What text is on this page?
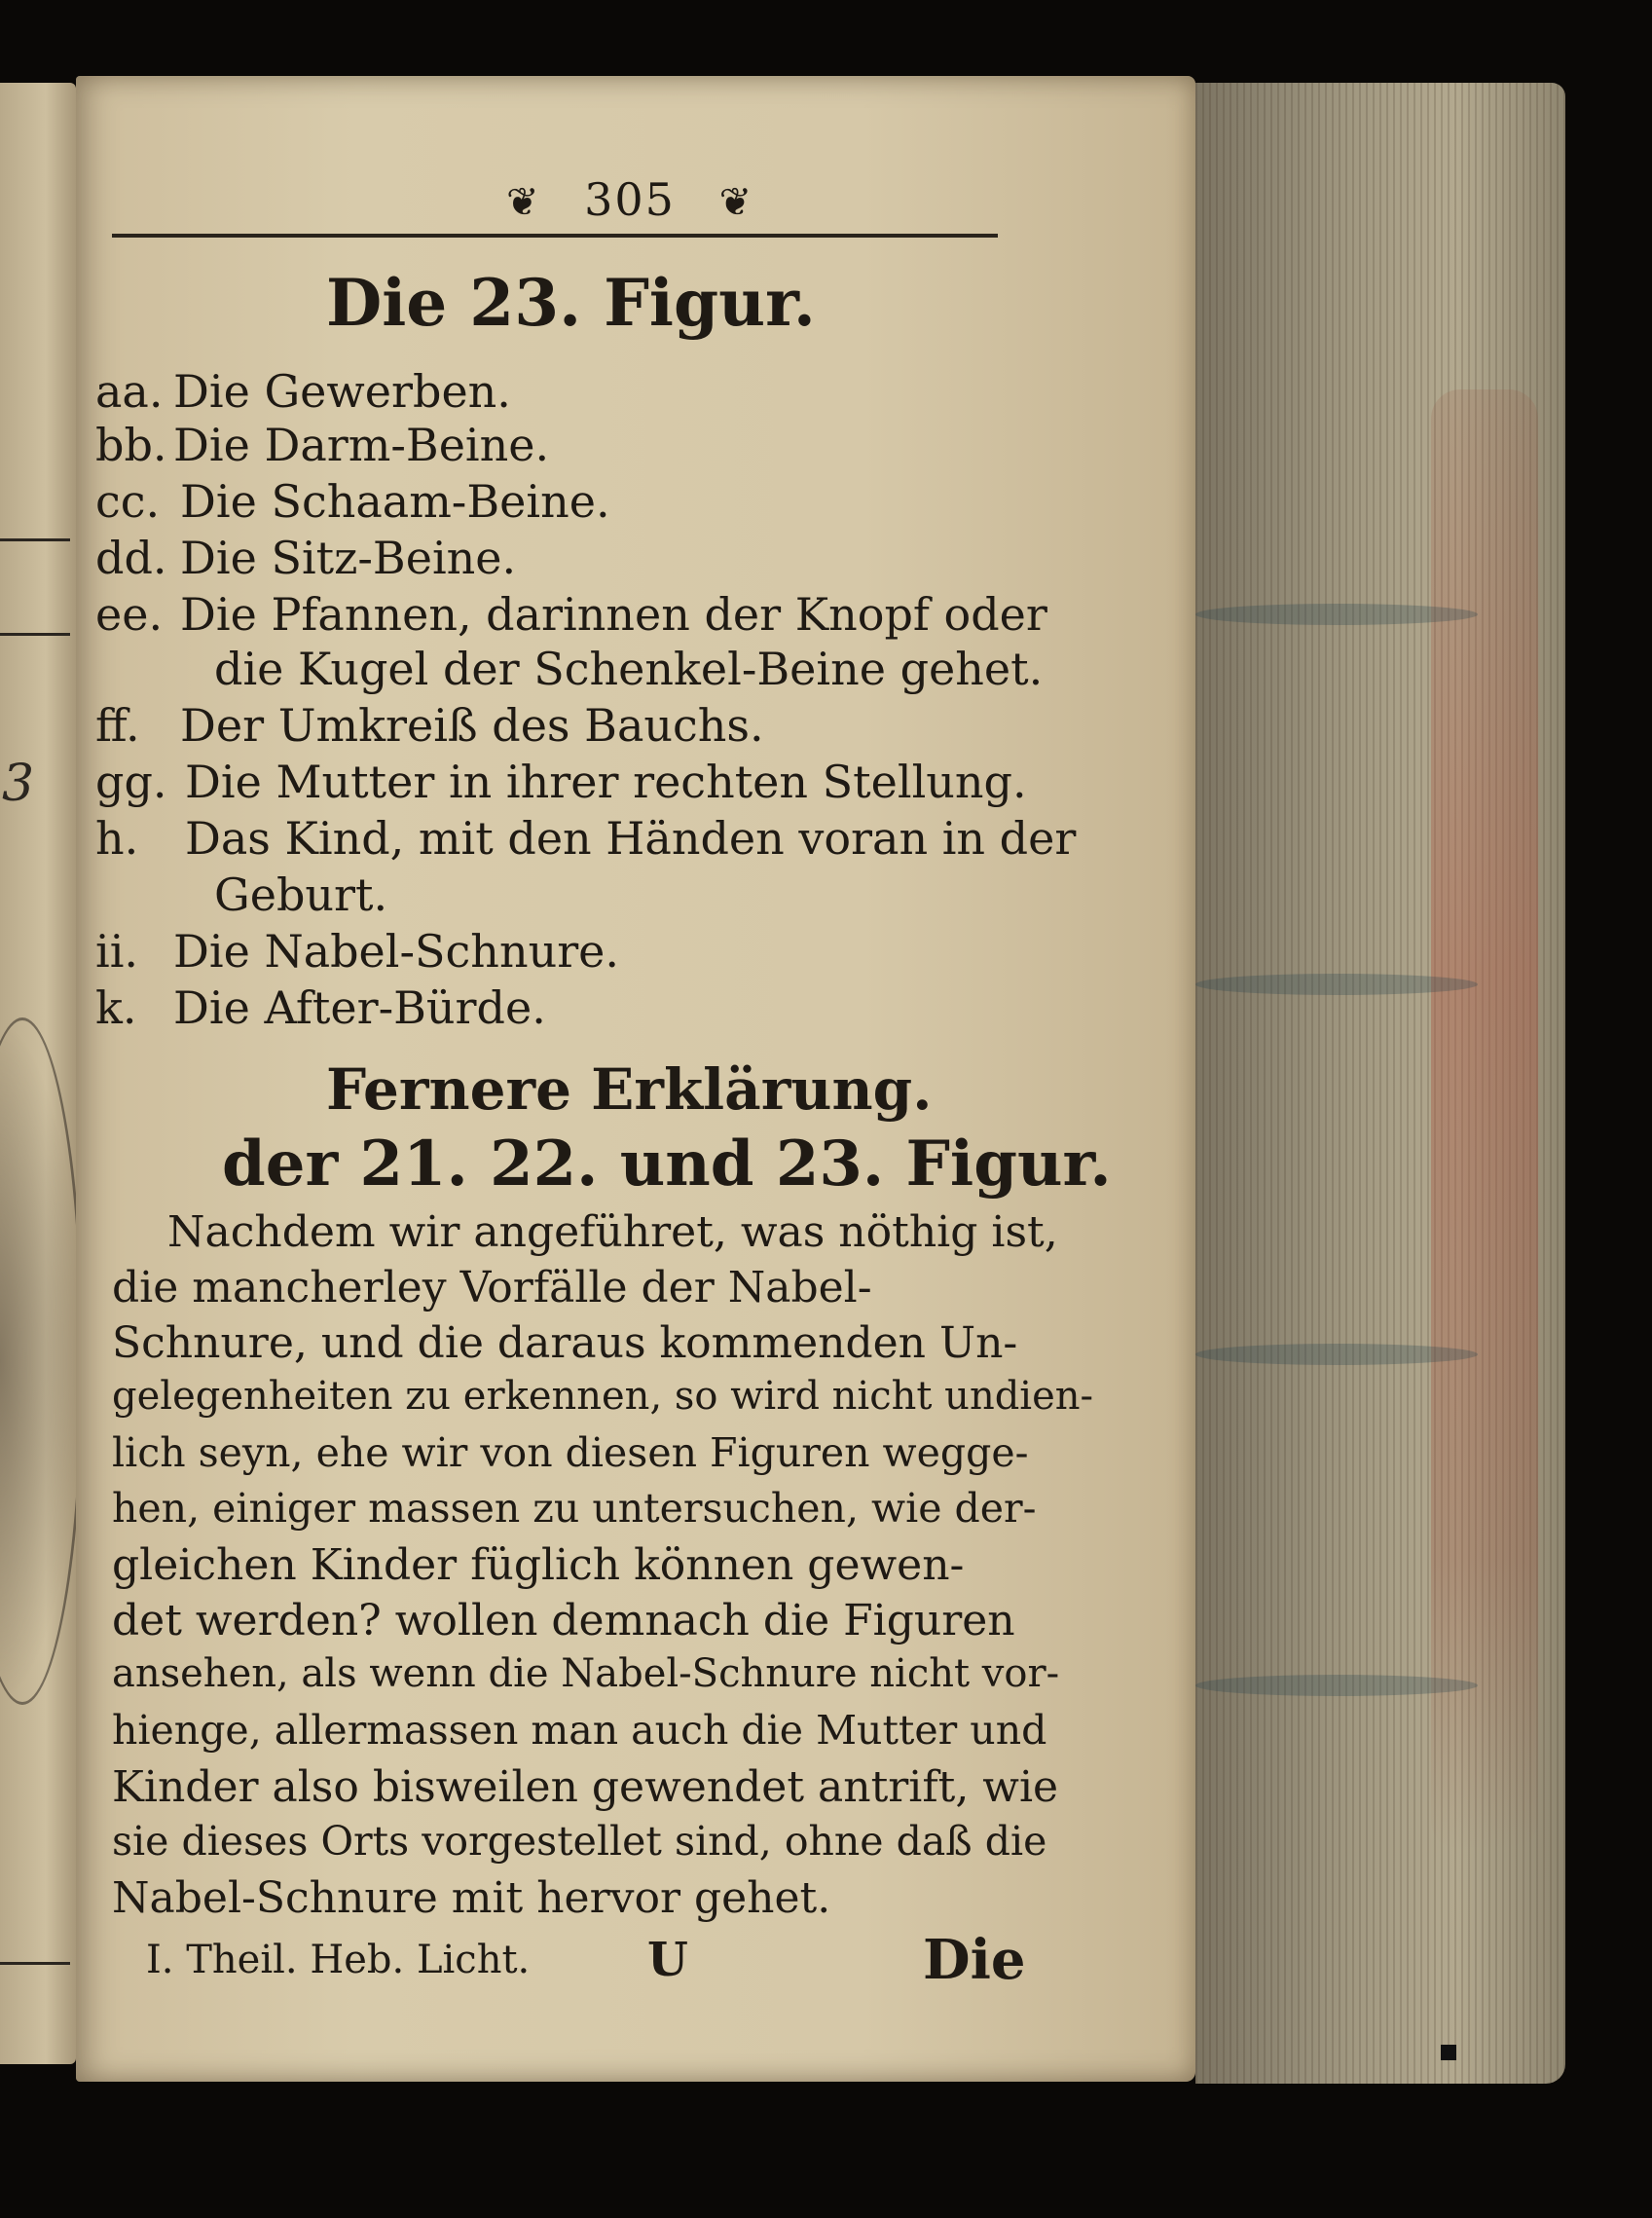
3
❦ 305 ❦
Die 23. Figur.
aa. Die Gewerben.
bb. Die Darm-Beine.
cc. Die Schaam-Beine.
dd. Die Sitz-Beine.
ee. Die Pfannen, darinnen der Knopf oder
die Kugel der Schenkel-Beine gehet.
ff. Der Umkreiß des Bauchs.
gg. Die Mutter in ihrer rechten Stellung.
h. Das Kind, mit den Händen voran in der
Geburt.
ii. Die Nabel-Schnure.
k. Die After-Bürde.
Fernere Erklärung.
der 21. 22. und 23. Figur.
Nachdem wir angeführet, was nöthig ist,
die mancherley Vorfälle der Nabel-
Schnure, und die daraus kommenden Un-
gelegenheiten zu erkennen, so wird nicht undien-
lich seyn, ehe wir von diesen Figuren wegge-
hen, einiger massen zu untersuchen, wie der-
gleichen Kinder füglich können gewen-
det werden? wollen demnach die Figuren
ansehen, als wenn die Nabel-Schnure nicht vor-
hienge, allermassen man auch die Mutter und
Kinder also bisweilen gewendet antrift, wie
sie dieses Orts vorgestellet sind, ohne daß die
Nabel-Schnure mit hervor gehet.
I. Theil. Heb. Licht.	U	Die
